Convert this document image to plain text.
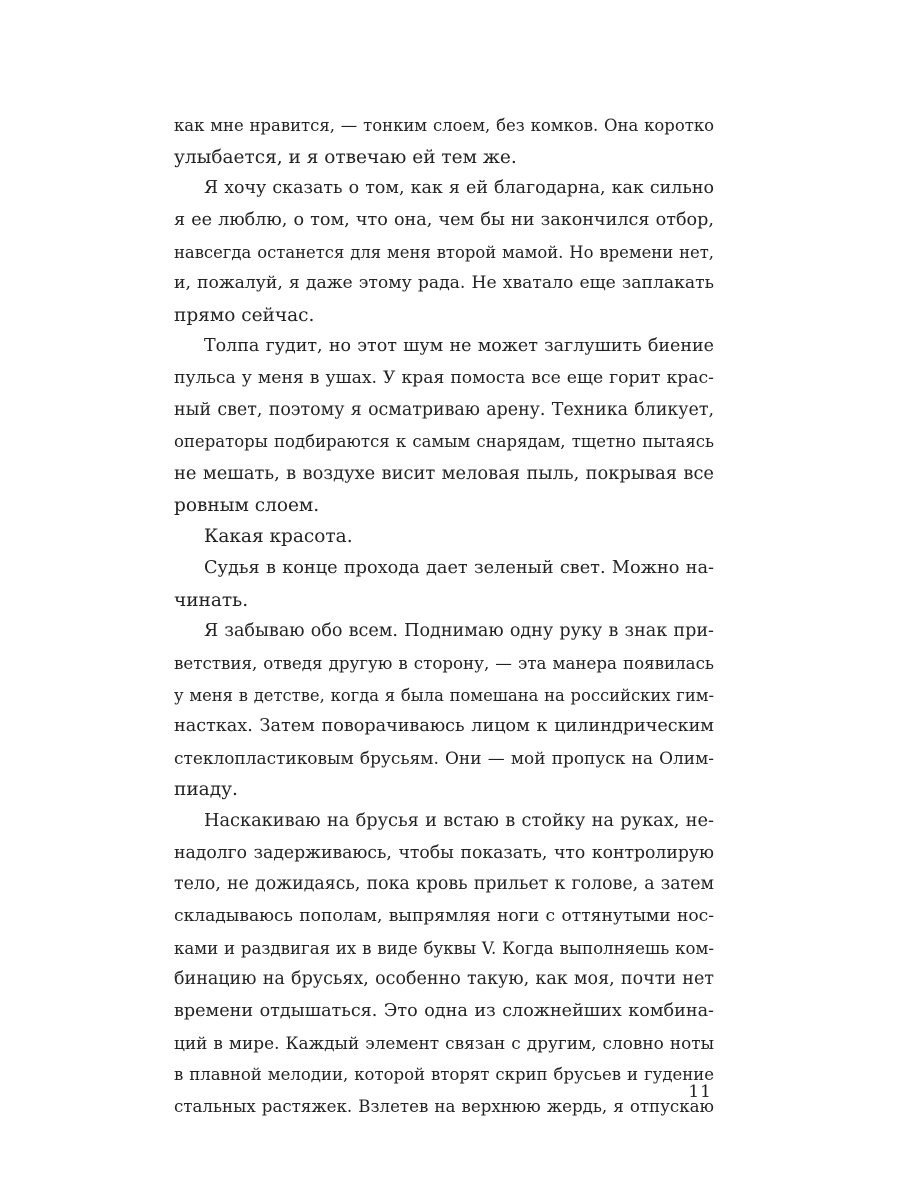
как мне нравится, — тонким слоем, без комков. Она коротко
улыбается, и я отвечаю ей тем же.
Я хочу сказать о том, как я ей благодарна, как сильно
я ее люблю, о том, что она, чем бы ни закончился отбор,
навсегда останется для меня второй мамой. Но времени нет,
и, пожалуй, я даже этому рада. Не хватало еще заплакать
прямо сейчас.
Толпа гудит, но этот шум не может заглушить биение
пульса у меня в ушах. У края помоста все еще горит крас-
ный свет, поэтому я осматриваю арену. Техника бликует,
операторы подбираются к самым снарядам, тщетно пытаясь
не мешать, в воздухе висит меловая пыль, покрывая все
ровным слоем.
Какая красота.
Судья в конце прохода дает зеленый свет. Можно на-
чинать.
Я забываю обо всем. Поднимаю одну руку в знак при-
ветствия, отведя другую в сторону, — эта манера появилась
у меня в детстве, когда я была помешана на российских гим-
настках. Затем поворачиваюсь лицом к цилиндрическим
стеклопластиковым брусьям. Они — мой пропуск на Олим-
пиаду.
Наскакиваю на брусья и встаю в стойку на руках, не-
надолго задерживаюсь, чтобы показать, что контролирую
тело, не дожидаясь, пока кровь прильет к голове, а затем
складываюсь пополам, выпрямляя ноги с оттянутыми нос-
ками и раздвигая их в виде буквы V. Когда выполняешь ком-
бинацию на брусьях, особенно такую, как моя, почти нет
времени отдышаться. Это одна из сложнейших комбина-
ций в мире. Каждый элемент связан с другим, словно ноты
в плавной мелодии, которой вторят скрип брусьев и гудение
стальных растяжек. Взлетев на верхнюю жердь, я отпускаю
11
